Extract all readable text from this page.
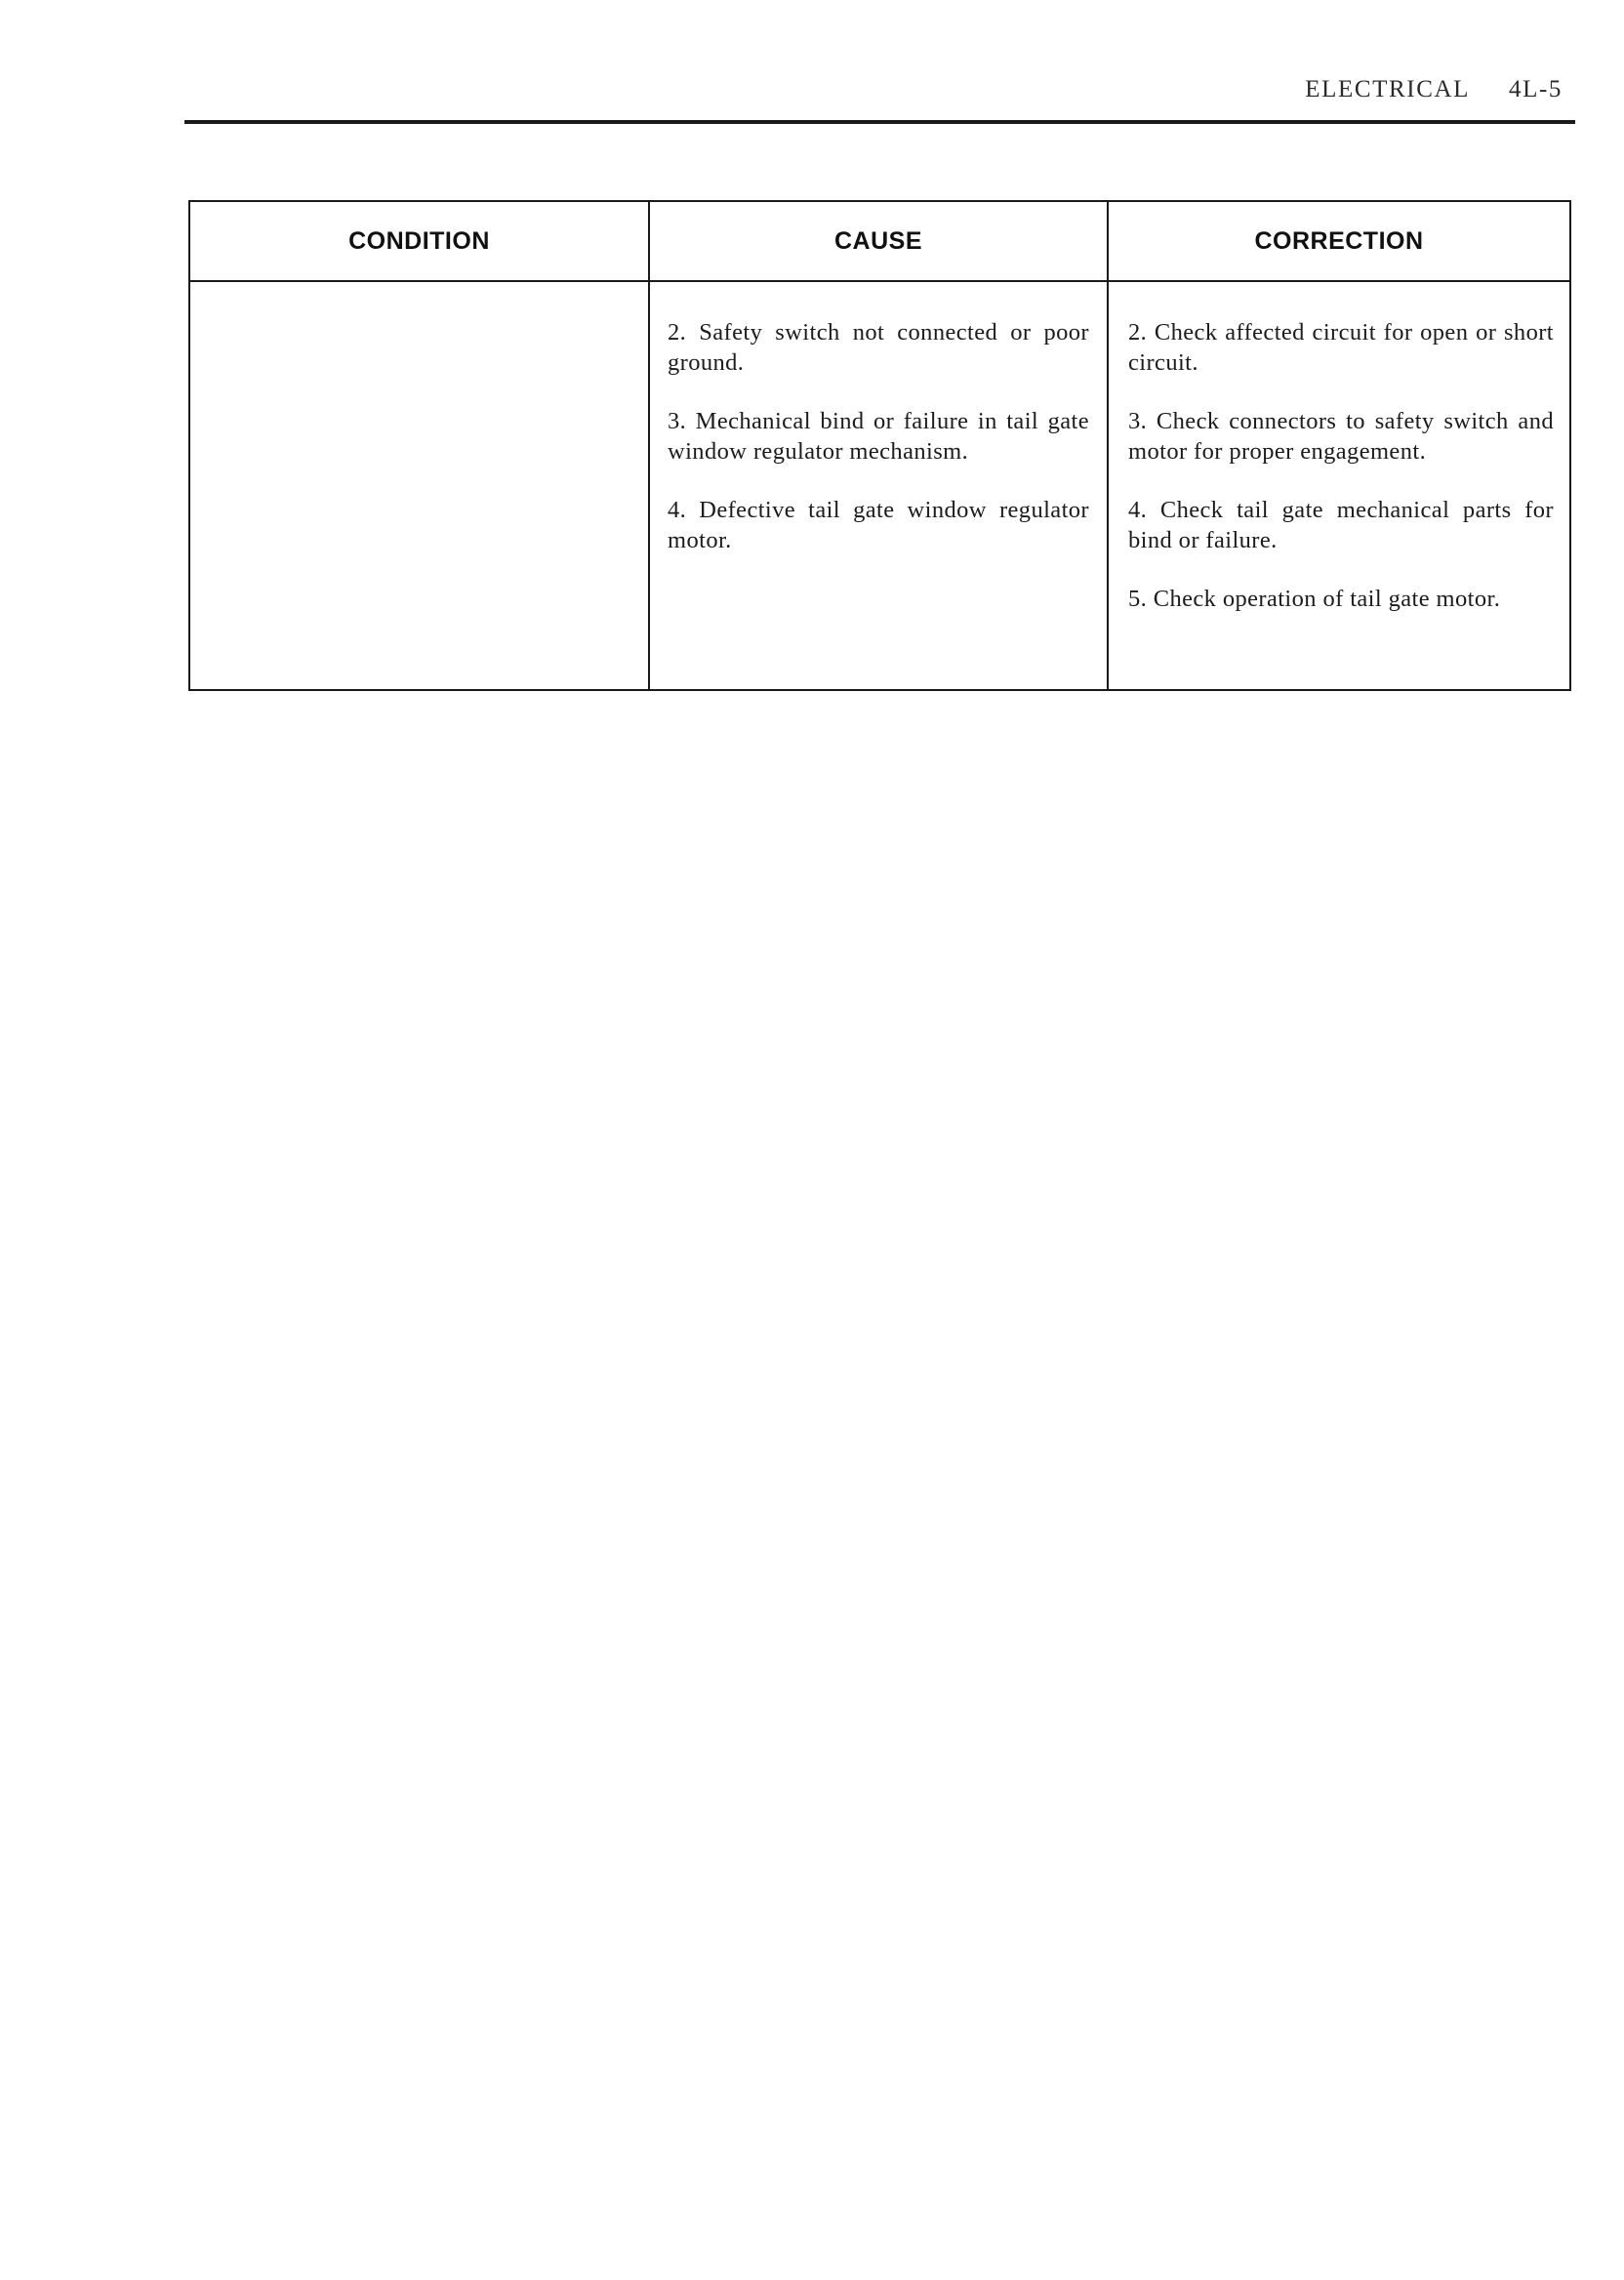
ELECTRICAL 4L-5
CONDITION	CAUSE	CORRECTION

2. Safety switch not connected or poor ground.

3. Mechanical bind or failure in tail gate window regulator mechanism.

4. Defective tail gate window regulator motor.

2. Check affected circuit for open or short circuit.

3. Check connectors to safety switch and motor for proper engagement.

4. Check tail gate mechanical parts for bind or failure.

5. Check operation of tail gate motor.
